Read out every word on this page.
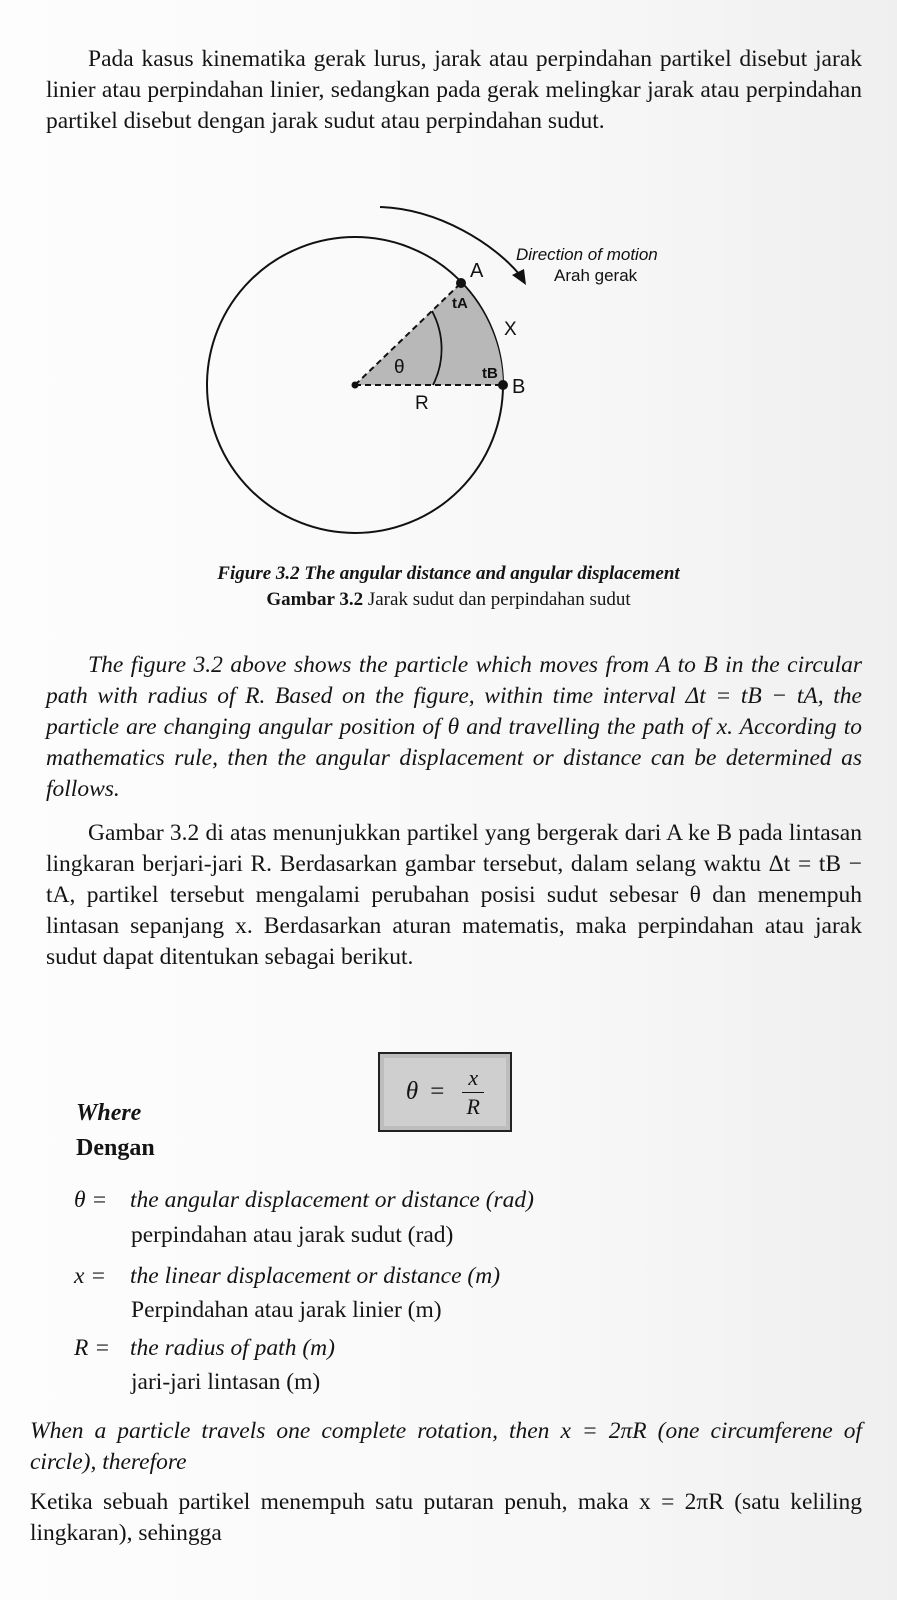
Pada kasus kinematika gerak lurus, jarak atau perpindahan partikel disebut jarak linier atau perpindahan linier, sedangkan pada gerak melingkar jarak atau perpindahan partikel disebut dengan jarak sudut atau perpindahan sudut.

Direction of motion
Arah gerak
A
B
tA
tB
X
R
θ
Figure 3.2 The angular distance and angular displacement
Gambar 3.2 Jarak sudut dan perpindahan sudut

The figure 3.2 above shows the particle which moves from A to B in the circular path with radius of R. Based on the figure, within time interval Δt = tB − tA, the particle are changing angular position of θ and travelling the path of x. According to mathematics rule, then the angular displacement or distance can be determined as follows.

Gambar 3.2 di atas menunjukkan partikel yang bergerak dari A ke B pada lintasan lingkaran berjari-jari R. Berdasarkan gambar tersebut, dalam selang waktu Δt = tB − tA, partikel tersebut mengalami perubahan posisi sudut sebesar θ dan menempuh lintasan sepanjang x. Berdasarkan aturan matematis, maka perpindahan atau jarak sudut dapat ditentukan sebagai berikut.

$\theta = \frac{x}{R}$
Where
Dengan
θ = the angular displacement or distance (rad)
perpindahan atau jarak sudut (rad)
x = the linear displacement or distance (m)
Perpindahan atau jarak linier (m)
R = the radius of path (m)
jari-jari lintasan (m)

When a particle travels one complete rotation, then x = 2πR (one circumferene of circle), therefore

Ketika sebuah partikel menempuh satu putaran penuh, maka x = 2πR (satu keliling lingkaran), sehingga
